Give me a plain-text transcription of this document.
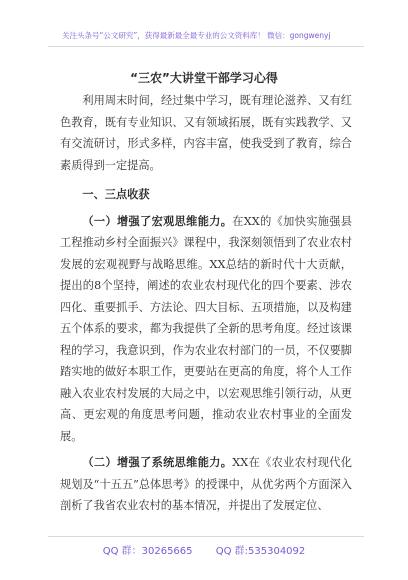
关注头条号“公文研究”，获得最新最全最专业的公文资料库！ 微信：gongwenyj
“三农”大讲堂干部学习心得

利用周末时间，经过集中学习，既有理论滋养、又有红色教育，既有专业知识、又有领域拓展，既有实践教学、又有交流研讨，形式多样，内容丰富，使我受到了教育，综合素质得到一定提高。

一、三点收获

（一）增强了宏观思维能力。在XX的《加快实施强县工程推动乡村全面振兴》课程中，我深刻领悟到了农业农村发展的宏观视野与战略思维。XX总结的新时代十大贡献，提出的8个坚持，阐述的农业农村现代化的四个要素、涉农四化、重要抓手、方法论、四大目标、五项措施，以及构建五个体系的要求，都为我提供了全新的思考角度。经过该课程的学习，我意识到，作为农业农村部门的一员，不仅要脚踏实地的做好本职工作，更要站在更高的角度，将个人工作融入农业农村发展的大局之中，以宏观思维引领行动，从更高、更宏观的角度思考问题，推动农业农村事业的全面发展。

（二）增强了系统思维能力。XX在《农业农村现代化规划及“十五五”总体思考》的授课中，从优劣两个方面深入剖析了我省农业农村的基本情况，并提出了发展定位、

QQ 群：30265665 QQ 群:535304092
